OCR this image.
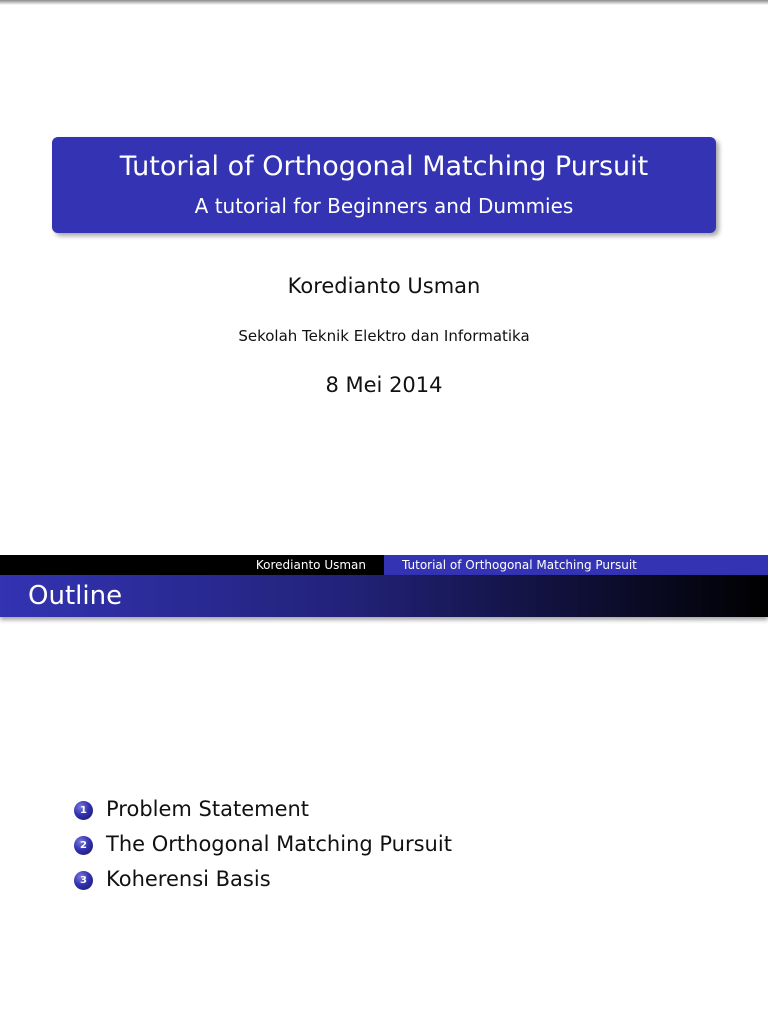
Tutorial of Orthogonal Matching Pursuit
A tutorial for Beginners and Dummies
Koredianto Usman
Sekolah Teknik Elektro dan Informatika
8 Mei 2014
Koredianto Usman	Tutorial of Orthogonal Matching Pursuit
Outline
1 Problem Statement
2 The Orthogonal Matching Pursuit
3 Koherensi Basis
